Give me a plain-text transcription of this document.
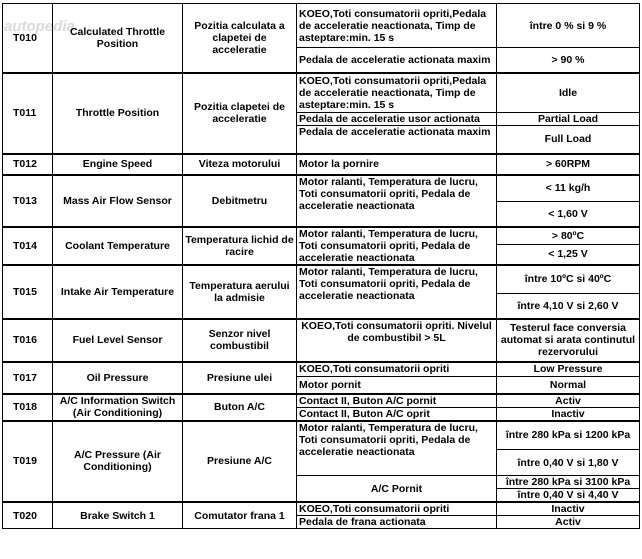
autopedia
T010	Calculated Throttle Position	Pozitia calculata a clapetei de acceleratie	KOEO,Toti consumatorii opriti,Pedala de acceleratie neactionata, Timp de asteptare:min. 15 s	între 0 % si 9 %
			Pedala de acceleratie actionata maxim	> 90 %
T011	Throttle Position	Pozitia clapetei de acceleratie	KOEO,Toti consumatorii opriti,Pedala de acceleratie neactionata, Timp de asteptare:min. 15 s	Idle
			Pedala de acceleratie usor actionata	Partial Load
			Pedala de acceleratie actionata maxim	Full Load
T012	Engine Speed	Viteza motorului	Motor la pornire	> 60RPM
T013	Mass Air Flow Sensor	Debitmetru	Motor ralanti, Temperatura de lucru, Toti consumatorii opriti, Pedala de acceleratie neactionata	< 11 kg/h
				< 1,60 V
T014	Coolant Temperature	Temperatura lichid de racire	Motor ralanti, Temperatura de lucru, Toti consumatorii opriti, Pedala de acceleratie neactionata	> 80ºC
				< 1,25 V
T015	Intake Air Temperature	Temperatura aerului la admisie	Motor ralanti, Temperatura de lucru, Toti consumatorii opriti, Pedala de acceleratie neactionata	între 10ºC si 40ºC
				între 4,10 V si 2,60 V
T016	Fuel Level Sensor	Senzor nivel combustibil	KOEO,Toti consumatorii opriti. Nivelul de combustibil > 5L	Testerul face conversia automat si arata continutul rezervorului
T017	Oil Pressure	Presiune ulei	KOEO,Toti consumatorii opriti	Low Pressure
			Motor pornit	Normal
T018	A/C Information Switch (Air Conditioning)	Buton A/C	Contact II, Buton A/C pornit	Activ
			Contact II, Buton A/C oprit	Inactiv
T019	A/C Pressure (Air Conditioning)	Presiune A/C	Motor ralanti, Temperatura de lucru, Toti consumatorii opriti, Pedala de acceleratie neactionata	între 280 kPa si 1200 kPa
				între 0,40 V si 1,80 V
			A/C Pornit	între 280 kPa si 3100 kPa
				între 0,40 V si 4,40 V
T020	Brake Switch 1	Comutator frana 1	KOEO,Toti consumatorii opriti	Inactiv
			Pedala de frana actionata	Activ
